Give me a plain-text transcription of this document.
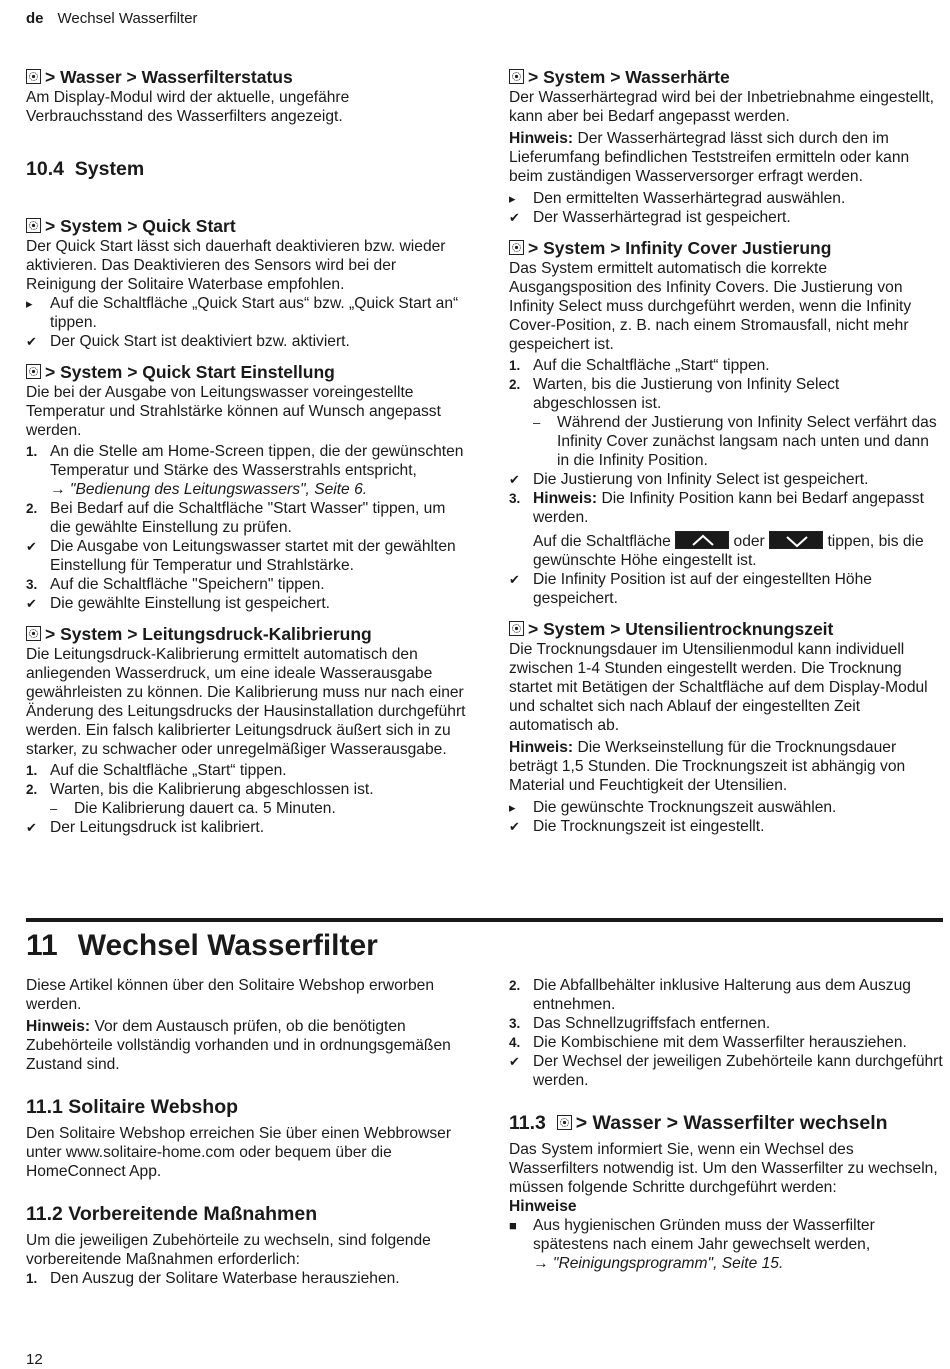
de Wechsel Wasserfilter
> Wasser > Wasserfilterstatus

Am Display-Modul wird der aktuelle, ungefähre Verbrauchsstand des Wasserfilters angezeigt.

10.4 System
> System > Quick Start

Der Quick Start lässt sich dauerhaft deaktivieren bzw. wieder aktivieren. Das Deaktivieren des Sensors wird bei der Reinigung der Solitaire Waterbase empfohlen.

▸	Auf die Schaltfläche „Quick Start aus“ bzw. „Quick Start an“ tippen.
✔ Der Quick Start ist deaktiviert bzw. aktiviert.
> System > Quick Start Einstellung

Die bei der Ausgabe von Leitungswasser voreingestellte Temperatur und Strahlstärke können auf Wunsch angepasst werden.

1. An die Stelle am Home-Screen tippen, die der gewünschten Temperatur und Stärke des Wasserstrahls entspricht,
→ "Bedienung des Leitungswassers", Seite 6.
2. Bei Bedarf auf die Schaltfläche "Start Wasser" tippen, um die gewählte Einstellung zu prüfen.
✔ Die Ausgabe von Leitungswasser startet mit der gewählten Einstellung für Temperatur und Strahlstärke.
3. Auf die Schaltfläche "Speichern" tippen.
✔ Die gewählte Einstellung ist gespeichert.
> System > Leitungsdruck-Kalibrierung

Die Leitungsdruck-Kalibrierung ermittelt automatisch den anliegenden Wasserdruck, um eine ideale Wasserausgabe gewährleisten zu können. Die Kalibrierung muss nur nach einer Änderung des Leitungsdrucks der Hausinstallation durchgeführt werden. Ein falsch kalibrierter Leitungsdruck äußert sich in zu starker, zu schwacher oder unregelmäßiger Wasserausgabe.

1. Auf die Schaltfläche „Start“ tippen.
2. Warten, bis die Kalibrierung abgeschlossen ist.
–	Die Kalibrierung dauert ca. 5 Minuten.
✔ Der Leitungsdruck ist kalibriert.
> System > Wasserhärte

Der Wasserhärtegrad wird bei der Inbetriebnahme eingestellt, kann aber bei Bedarf angepasst werden.

Hinweis: Der Wasserhärtegrad lässt sich durch den im Lieferumfang befindlichen Teststreifen ermitteln oder kann beim zuständigen Wasserversorger erfragt werden.

▸	Den ermittelten Wasserhärtegrad auswählen.
✔ Der Wasserhärtegrad ist gespeichert.
> System > Infinity Cover Justierung

Das System ermittelt automatisch die korrekte Ausgangsposition des Infinity Covers. Die Justierung von Infinity Select muss durchgeführt werden, wenn die Infinity Cover-Position, z. B. nach einem Stromausfall, nicht mehr gespeichert ist.

1. Auf die Schaltfläche „Start“ tippen.
2. Warten, bis die Justierung von Infinity Select abgeschlossen ist.
–	Während der Justierung von Infinity Select verfährt das Infinity Cover zunächst langsam nach unten und dann in die Infinity Position.
✔ Die Justierung von Infinity Select ist gespeichert.
3. Hinweis: Die Infinity Position kann bei Bedarf angepasst werden.
Auf die Schaltfläche	oder	tippen, bis die gewünschte Höhe eingestellt ist.
✔ Die Infinity Position ist auf der eingestellten Höhe gespeichert.
> System > Utensilientrocknungszeit

Die Trocknungsdauer im Utensilienmodul kann individuell zwischen 1-4 Stunden eingestellt werden. Die Trocknung startet mit Betätigen der Schaltfläche auf dem Display-Modul und schaltet sich nach Ablauf der eingestellten Zeit automatisch ab.

Hinweis: Die Werkseinstellung für die Trocknungsdauer beträgt 1,5 Stunden. Die Trocknungszeit ist abhängig von Material und Feuchtigkeit der Utensilien.

▸	Die gewünschte Trocknungszeit auswählen.
✔ Die Trocknungszeit ist eingestellt.
11 Wechsel Wasserfilter

Diese Artikel können über den Solitaire Webshop erworben werden.

Hinweis: Vor dem Austausch prüfen, ob die benötigten Zubehörteile vollständig vorhanden und in ordnungsgemäßen Zustand sind.

11.1 Solitaire Webshop

Den Solitaire Webshop erreichen Sie über einen Webbrowser unter www.solitaire-home.com oder bequem über die HomeConnect App.

11.2 Vorbereitende Maßnahmen

Um die jeweiligen Zubehörteile zu wechseln, sind folgende vorbereitende Maßnahmen erforderlich:

1. Den Auszug der Solitare Waterbase herausziehen.
2. Die Abfallbehälter inklusive Halterung aus dem Auszug entnehmen.
3. Das Schnellzugriffsfach entfernen.
4. Die Kombischiene mit dem Wasserfilter herausziehen.
✔ Der Wechsel der jeweiligen Zubehörteile kann durchgeführt werden.
11.3 > Wasser > Wasserfilter wechseln

Das System informiert Sie, wenn ein Wechsel des Wasserfilters notwendig ist. Um den Wasserfilter zu wechseln, müssen folgende Schritte durchgeführt werden:

Hinweise

■	Aus hygienischen Gründen muss der Wasserfilter spätestens nach einem Jahr gewechselt werden,
→ "Reinigungsprogramm", Seite 15.
12
